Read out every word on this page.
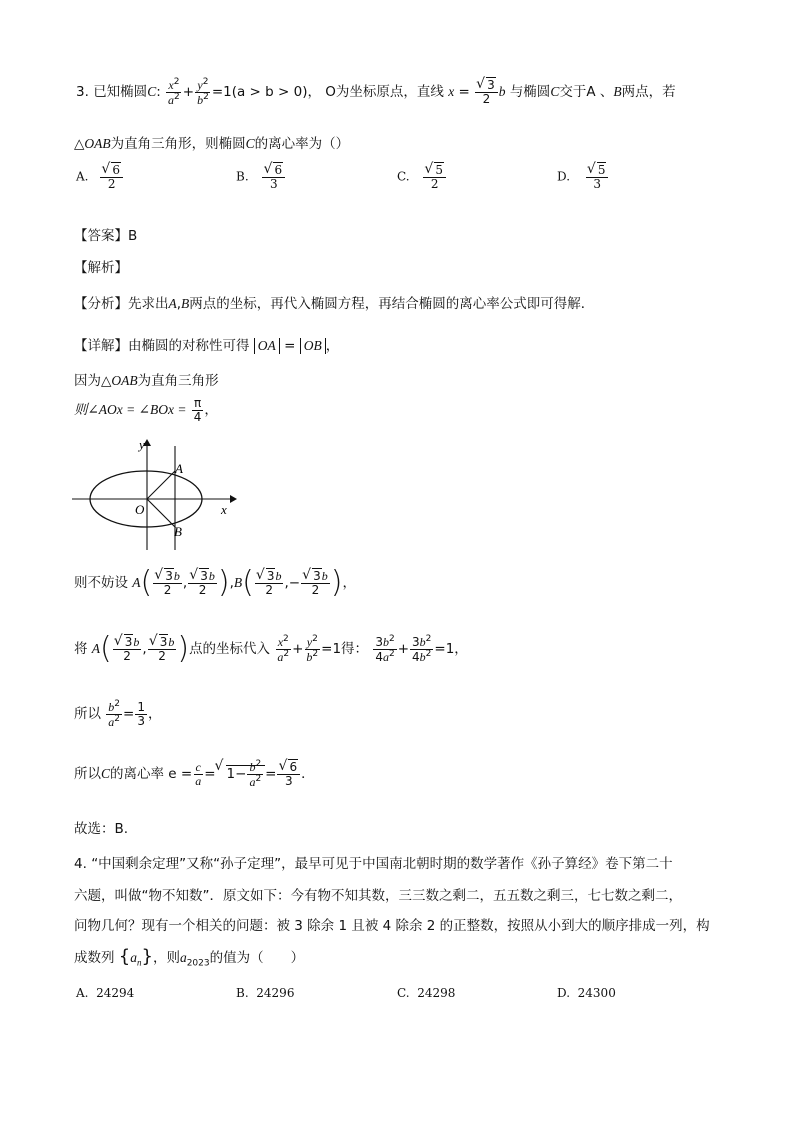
3. 已知椭圆C: $\frac{x^2}{a^2} + \frac{y^2}{b^2} =1(a > b > 0)$， O为坐标原点，直线 x = √ $\frac{3}{2}$ b 与椭圆C交于A 、B两点，若
△OAB为直角三角形，则椭圆C的离心率为（）
A. √ $\frac{6}{2}$	B. √ $\frac{6}{3}$	C. √ $\frac{5}{2}$	D. √ $\frac{5}{3}$
【答案】B
【解析】
【分析】先求出A,B两点的坐标，再代入椭圆方程，再结合椭圆的离心率公式即可得解．
【详解】由椭圆的对称性可得 OA = OB ，
因为△OAB为直角三角形
则∠AOx = ∠BOx = $\frac{\pi}{4}$ ，
y
x
A
B
O
则不妨设 A( √ $\frac{3b}{2}$ , √ $\frac{3b}{2} ),B$( √ $\frac{3b}{2}$ ,− √ $\frac{3b}{2}$ )，
将 A( √ $\frac{3b}{2}$ , √ $\frac{3b}{2}$ )点的坐标代入 $\frac{x^2}{a^2} + \frac{y^2}{b^2} =1$得： $\frac{3b^2}{4a^2} + \frac{3b^2}{4b^2} =1$，
所以 $\frac{b^2}{a^2} = \frac{1}{3}$ ，
所以C的离心率 $e = \frac{c}{a}$ = √ $1- \frac{b^2}{a^2}$ = √ $\frac{6}{3}$ ．
故选：B.
4. “中国剩余定理”又称“孙子定理”，最早可见于中国南北朝时期的数学著作《孙子算经》卷下第二十
六题，叫做“物不知数”．原文如下：今有物不知其数，三三数之剩二，五五数之剩三，七七数之剩二，
问物几何？现有一个相关的问题：被 3 除余 1 且被 4 除余 2 的正整数，按照从小到大的顺序排成一列，构
成数列 $\{a_n\}$，则$a_{2023}$的值为（　　）
A. 24294	B. 24296	C. 24298	D. 24300
